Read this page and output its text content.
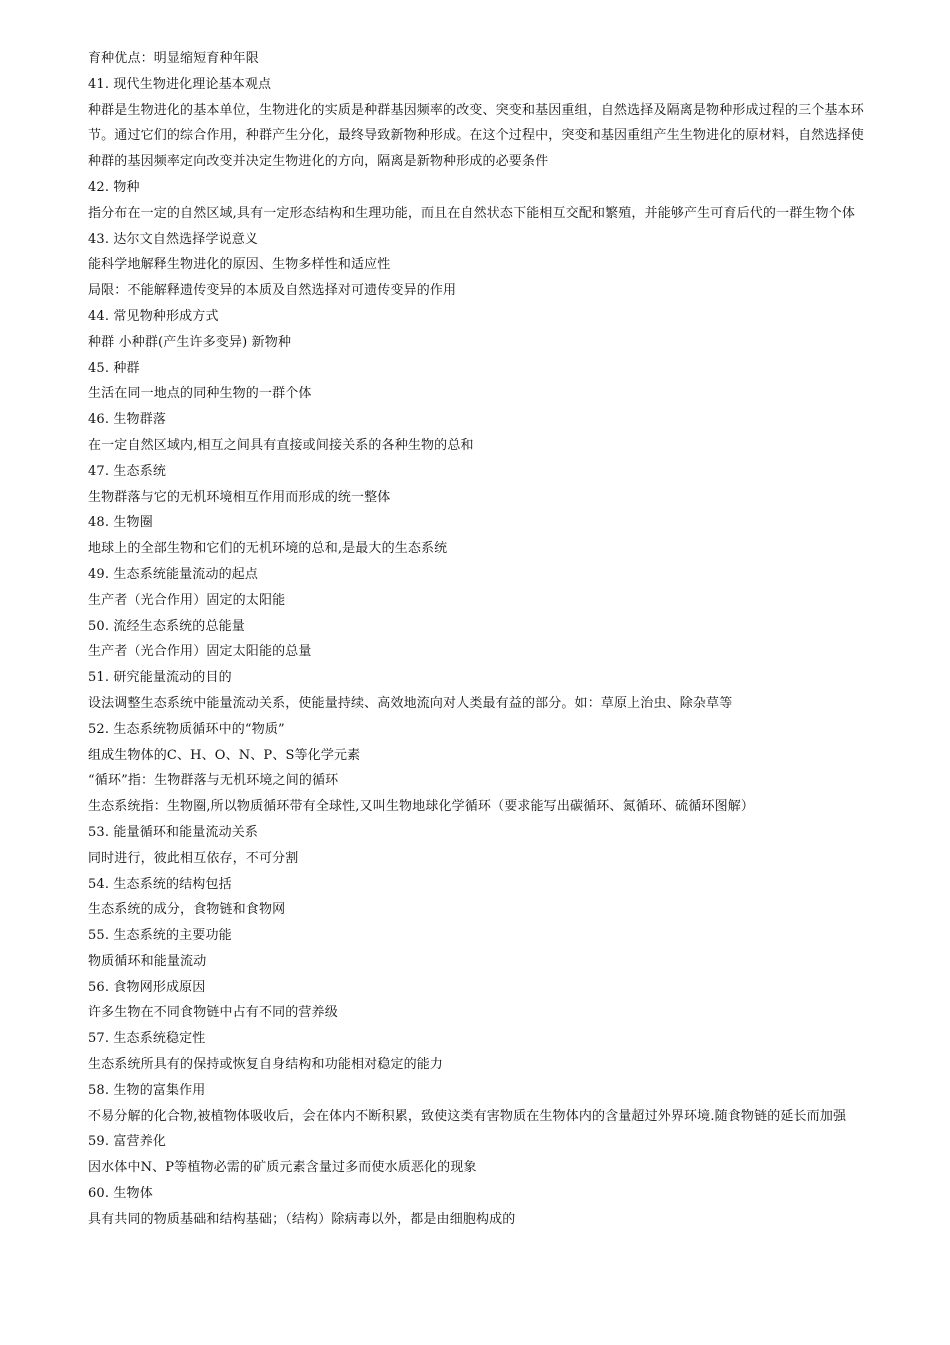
育种优点：明显缩短育种年限
41. 现代生物进化理论基本观点
种群是生物进化的基本单位，生物进化的实质是种群基因频率的改变、突变和基因重组，自然选择及隔离是物种形成过程的三个基本环节。通过它们的综合作用，种群产生分化，最终导致新物种形成。在这个过程中，突变和基因重组产生生物进化的原材料，自然选择使种群的基因频率定向改变并决定生物进化的方向，隔离是新物种形成的必要条件
42. 物种
指分布在一定的自然区域,具有一定形态结构和生理功能，而且在自然状态下能相互交配和繁殖，并能够产生可育后代的一群生物个体
43. 达尔文自然选择学说意义
能科学地解释生物进化的原因、生物多样性和适应性
局限：不能解释遗传变异的本质及自然选择对可遗传变异的作用
44. 常见物种形成方式
种群 小种群(产生许多变异) 新物种
45. 种群
生活在同一地点的同种生物的一群个体
46. 生物群落
在一定自然区域内,相互之间具有直接或间接关系的各种生物的总和
47. 生态系统
生物群落与它的无机环境相互作用而形成的统一整体
48. 生物圈
地球上的全部生物和它们的无机环境的总和,是最大的生态系统
49. 生态系统能量流动的起点
生产者（光合作用）固定的太阳能
50. 流经生态系统的总能量
生产者（光合作用）固定太阳能的总量
51. 研究能量流动的目的
设法调整生态系统中能量流动关系，使能量持续、高效地流向对人类最有益的部分。如：草原上治虫、除杂草等
52. 生态系统物质循环中的“物质”
组成生物体的C、H、O、N、P、S等化学元素
“循环”指：生物群落与无机环境之间的循环
生态系统指：生物圈,所以物质循环带有全球性,又叫生物地球化学循环（要求能写出碳循环、氮循环、硫循环图解）
53. 能量循环和能量流动关系
同时进行，彼此相互依存，不可分割
54. 生态系统的结构包括
生态系统的成分，食物链和食物网
55. 生态系统的主要功能
物质循环和能量流动
56. 食物网形成原因
许多生物在不同食物链中占有不同的营养级
57. 生态系统稳定性
生态系统所具有的保持或恢复自身结构和功能相对稳定的能力
58. 生物的富集作用
不易分解的化合物,被植物体吸收后，会在体内不断积累，致使这类有害物质在生物体内的含量超过外界环境.随食物链的延长而加强
59. 富营养化
因水体中N、P等植物必需的矿质元素含量过多而使水质恶化的现象
60. 生物体
具有共同的物质基础和结构基础；（结构）除病毒以外，都是由细胞构成的
